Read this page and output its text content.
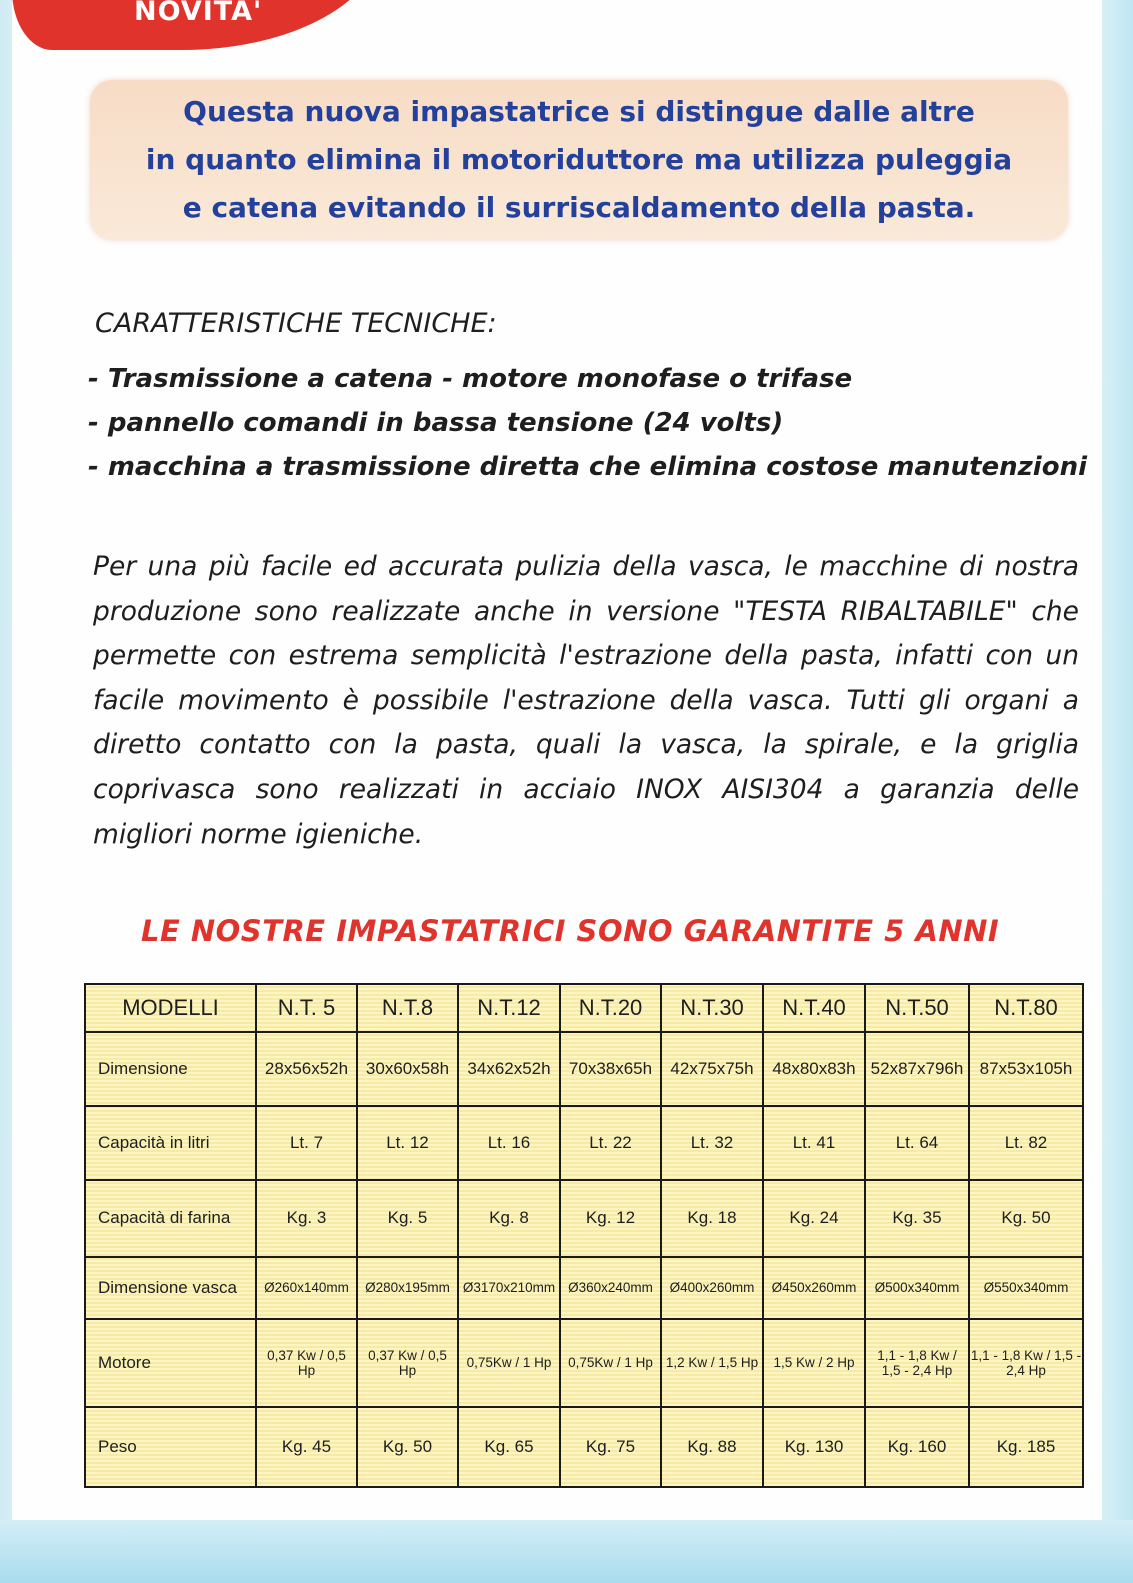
NOVITA'
Questa nuova impastatrice si distingue dalle altre
in quanto elimina il motoriduttore ma utilizza puleggia
e catena evitando il surriscaldamento della pasta.
CARATTERISTICHE TECNICHE:
- Trasmissione a catena - motore monofase o trifase
- pannello comandi in bassa tensione (24 volts)
- macchina a trasmissione diretta che elimina costose manutenzioni

Per una più facile ed accurata pulizia della vasca, le macchine di nostra produzione sono realizzate anche in versione "TESTA RIBALTABILE" che permette con estrema semplicità l'estrazione della pasta, infatti con un facile movimento è possibile l'estrazione della vasca. Tutti gli organi a diretto contatto con la pasta, quali la vasca, la spirale, e la griglia coprivasca sono realizzati in acciaio INOX AISI304 a garanzia delle migliori norme igieniche.

LE NOSTRE IMPASTATRICI SONO GARANTITE 5 ANNI
MODELLI	N.T. 5	N.T.8	N.T.12	N.T.20	N.T.30	N.T.40	N.T.50	N.T.80
Dimensione	28x56x52h	30x60x58h	34x62x52h	70x38x65h	42x75x75h	48x80x83h	52x87x796h	87x53x105h
Capacità in litri	Lt. 7	Lt. 12	Lt. 16	Lt. 22	Lt. 32	Lt. 41	Lt. 64	Lt. 82
Capacità di farina	Kg. 3	Kg. 5	Kg. 8	Kg. 12	Kg. 18	Kg. 24	Kg. 35	Kg. 50
Dimensione vasca	Ø260x140mm	Ø280x195mm	Ø3170x210mm	Ø360x240mm	Ø400x260mm	Ø450x260mm	Ø500x340mm	Ø550x340mm
Motore	0,37 Kw / 0,5 Hp	0,37 Kw / 0,5 Hp	0,75Kw / 1 Hp	0,75Kw / 1 Hp	1,2 Kw / 1,5 Hp	1,5 Kw / 2 Hp	1,1 - 1,8 Kw / 1,5 - 2,4 Hp	1,1 - 1,8 Kw / 1,5 - 2,4 Hp
Peso	Kg. 45	Kg. 50	Kg. 65	Kg. 75	Kg. 88	Kg. 130	Kg. 160	Kg. 185
